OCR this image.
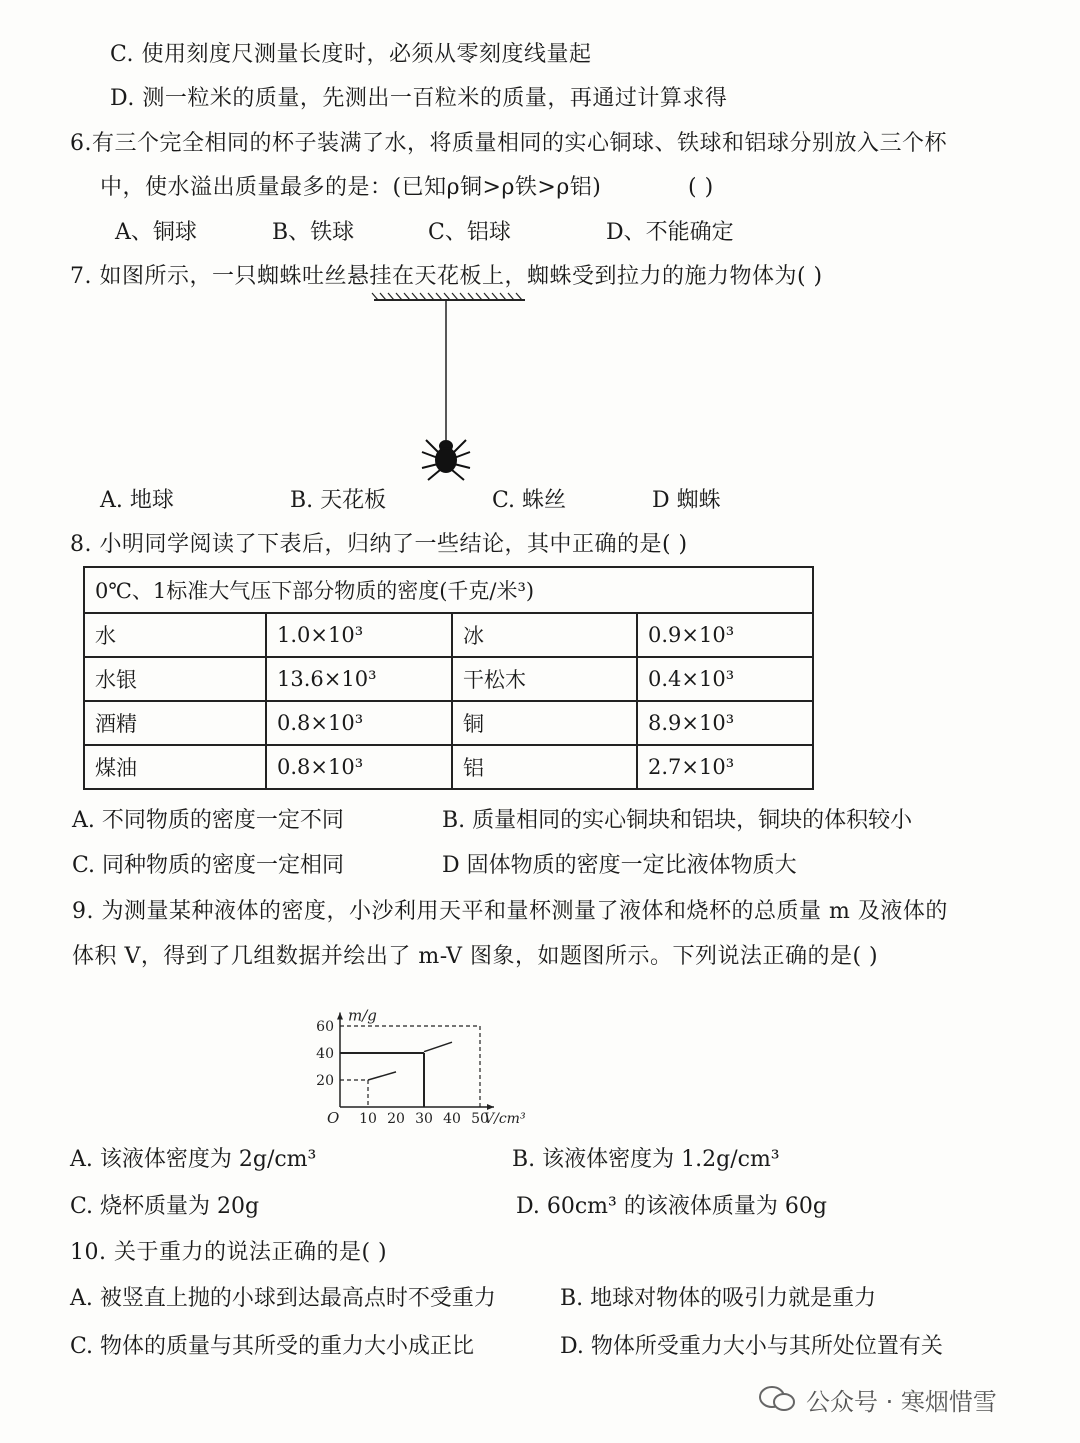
C. 使用刻度尺测量长度时，必须从零刻度线量起
D. 测一粒米的质量，先测出一百粒米的质量，再通过计算求得
6.有三个完全相同的杯子装满了水，将质量相同的实心铜球、铁球和铝球分别放入三个杯
中，使水溢出质量最多的是：(已知ρ铜>ρ铁>ρ铝)	( )
A、铜球	B、铁球	C、铝球	D、不能确定
7. 如图所示，一只蜘蛛吐丝悬挂在天花板上，蜘蛛受到拉力的施力物体为( )
A. 地球	B. 天花板	C. 蛛丝	D 蜘蛛
8. 小明同学阅读了下表后，归纳了一些结论，其中正确的是( )
0℃、1标准大气压下部分物质的密度(千克/米³)			
水	1.0×10³	冰	0.9×10³
水银	13.6×10³	干松木	0.4×10³
酒精	0.8×10³	铜	8.9×10³
煤油	0.8×10³	铝	2.7×10³
A. 不同物质的密度一定不同	B. 质量相同的实心铜块和铝块，铜块的体积较小
C. 同种物质的密度一定相同	D 固体物质的密度一定比液体物质大
9. 为测量某种液体的密度，小沙利用天平和量杯测量了液体和烧杯的总质量 m 及液体的
体积 V，得到了几组数据并绘出了 m-V 图象，如题图所示。下列说法正确的是( )
m/g
V/cm³
O 10 20 30 40 50
20
40
60
A. 该液体密度为 2g/cm³	B. 该液体密度为 1.2g/cm³
C. 烧杯质量为 20g	D. 60cm³ 的该液体质量为 60g
10. 关于重力的说法正确的是( )
A. 被竖直上抛的小球到达最高点时不受重力	B. 地球对物体的吸引力就是重力
C. 物体的质量与其所受的重力大小成正比	D. 物体所受重力大小与其所处位置有关
公众号 · 寒烟惜雪
